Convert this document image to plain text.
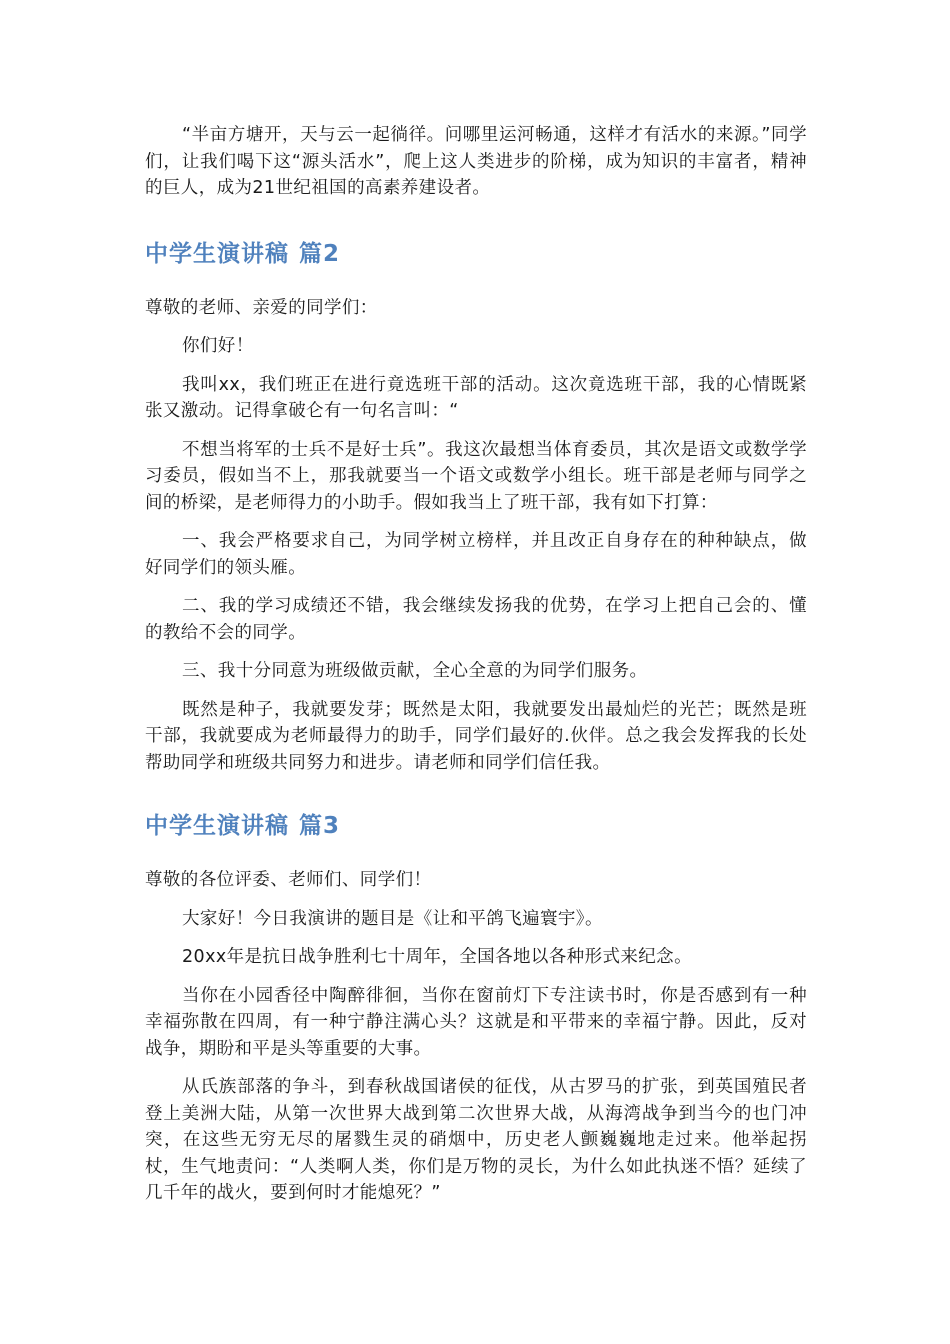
“半亩方塘开，天与云一起徜徉。问哪里运河畅通，这样才有活水的来源。”同学们，让我们喝下这“源头活水”，爬上这人类进步的阶梯，成为知识的丰富者，精神的巨人，成为21世纪祖国的高素养建设者。

中学生演讲稿 篇2

尊敬的老师、亲爱的同学们：

你们好！

我叫xx，我们班正在进行竟选班干部的活动。这次竟选班干部，我的心情既紧张又激动。记得拿破仑有一句名言叫：“

不想当将军的士兵不是好士兵”。我这次最想当体育委员，其次是语文或数学学习委员，假如当不上，那我就要当一个语文或数学小组长。班干部是老师与同学之间的桥梁，是老师得力的小助手。假如我当上了班干部，我有如下打算：

一、我会严格要求自己，为同学树立榜样，并且改正自身存在的种种缺点，做好同学们的领头雁。

二、我的学习成绩还不错，我会继续发扬我的优势，在学习上把自己会的、懂的教给不会的同学。

三、我十分同意为班级做贡献，全心全意的为同学们服务。

既然是种子，我就要发芽；既然是太阳，我就要发出最灿烂的光芒；既然是班干部，我就要成为老师最得力的助手，同学们最好的.伙伴。总之我会发挥我的长处帮助同学和班级共同努力和进步。请老师和同学们信任我。

中学生演讲稿 篇3

尊敬的各位评委、老师们、同学们！

大家好！今日我演讲的题目是《让和平鸽飞遍寰宇》。

20xx年是抗日战争胜利七十周年，全国各地以各种形式来纪念。

当你在小园香径中陶醉徘徊，当你在窗前灯下专注读书时，你是否感到有一种幸福弥散在四周，有一种宁静注满心头？这就是和平带来的幸福宁静。因此，反对战争，期盼和平是头等重要的大事。

从氏族部落的争斗，到春秋战国诸侯的征伐，从古罗马的扩张，到英国殖民者登上美洲大陆，从第一次世界大战到第二次世界大战，从海湾战争到当今的也门冲突，在这些无穷无尽的屠戮生灵的硝烟中，历史老人颤巍巍地走过来。他举起拐杖，生气地责问：“人类啊人类，你们是万物的灵长，为什么如此执迷不悟？延续了几千年的战火，要到何时才能熄死？”
